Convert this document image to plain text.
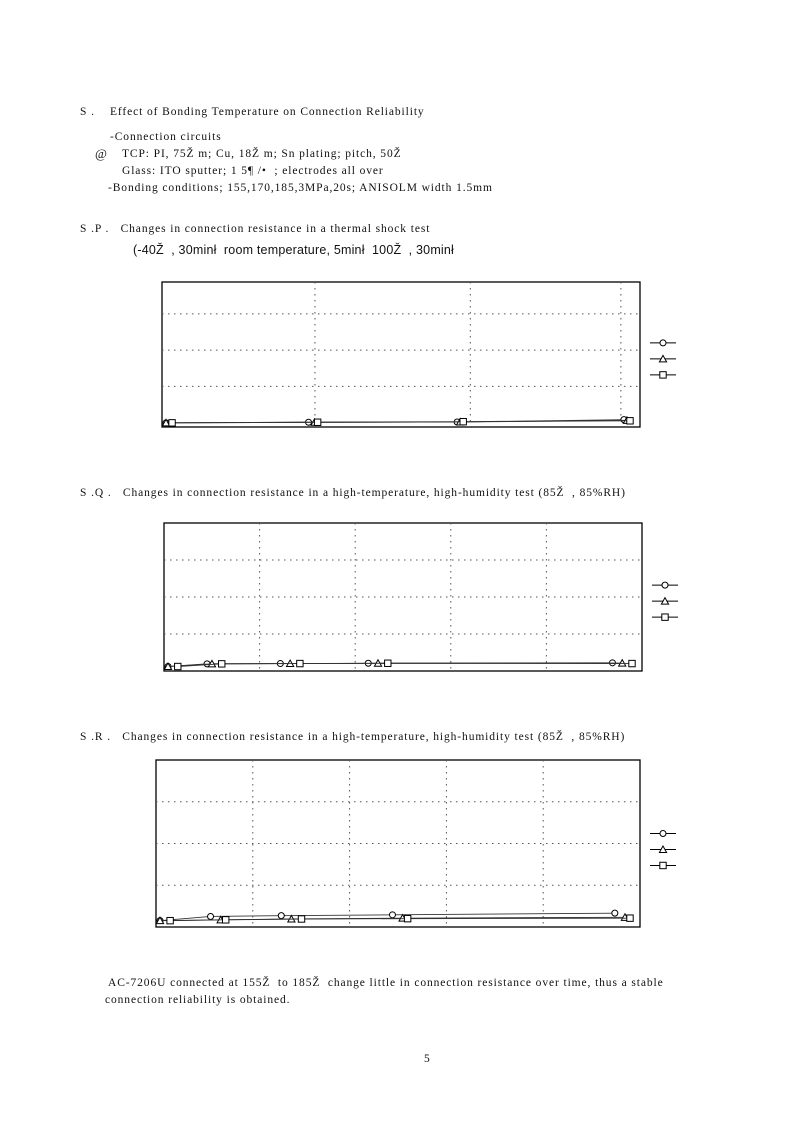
S .    Effect of Bonding Temperature on Connection Reliability
-Connection circuits
@ TCP: PI, 75Ž m; Cu, 18Ž m; Sn plating; pitch, 50Ž
Glass: ITO sputter; 1 5¶ /•  ; electrodes all over
-Bonding conditions; 155,170,185,3MPa,20s; ANISOLM width 1.5mm
S .P .   Changes in connection resistance in a thermal shock test
(-40Ž  , 30minł  room temperature, 5minł  100Ž  , 30minł
S .Q .   Changes in connection resistance in a high-temperature, high-humidity test (85Ž  , 85%RH)
S .R .   Changes in connection resistance in a high-temperature, high-humidity test (85Ž  , 85%RH)
AC-7206U connected at 155Ž  to 185Ž  change little in connection resistance over time, thus a stable
connection reliability is obtained.
5
